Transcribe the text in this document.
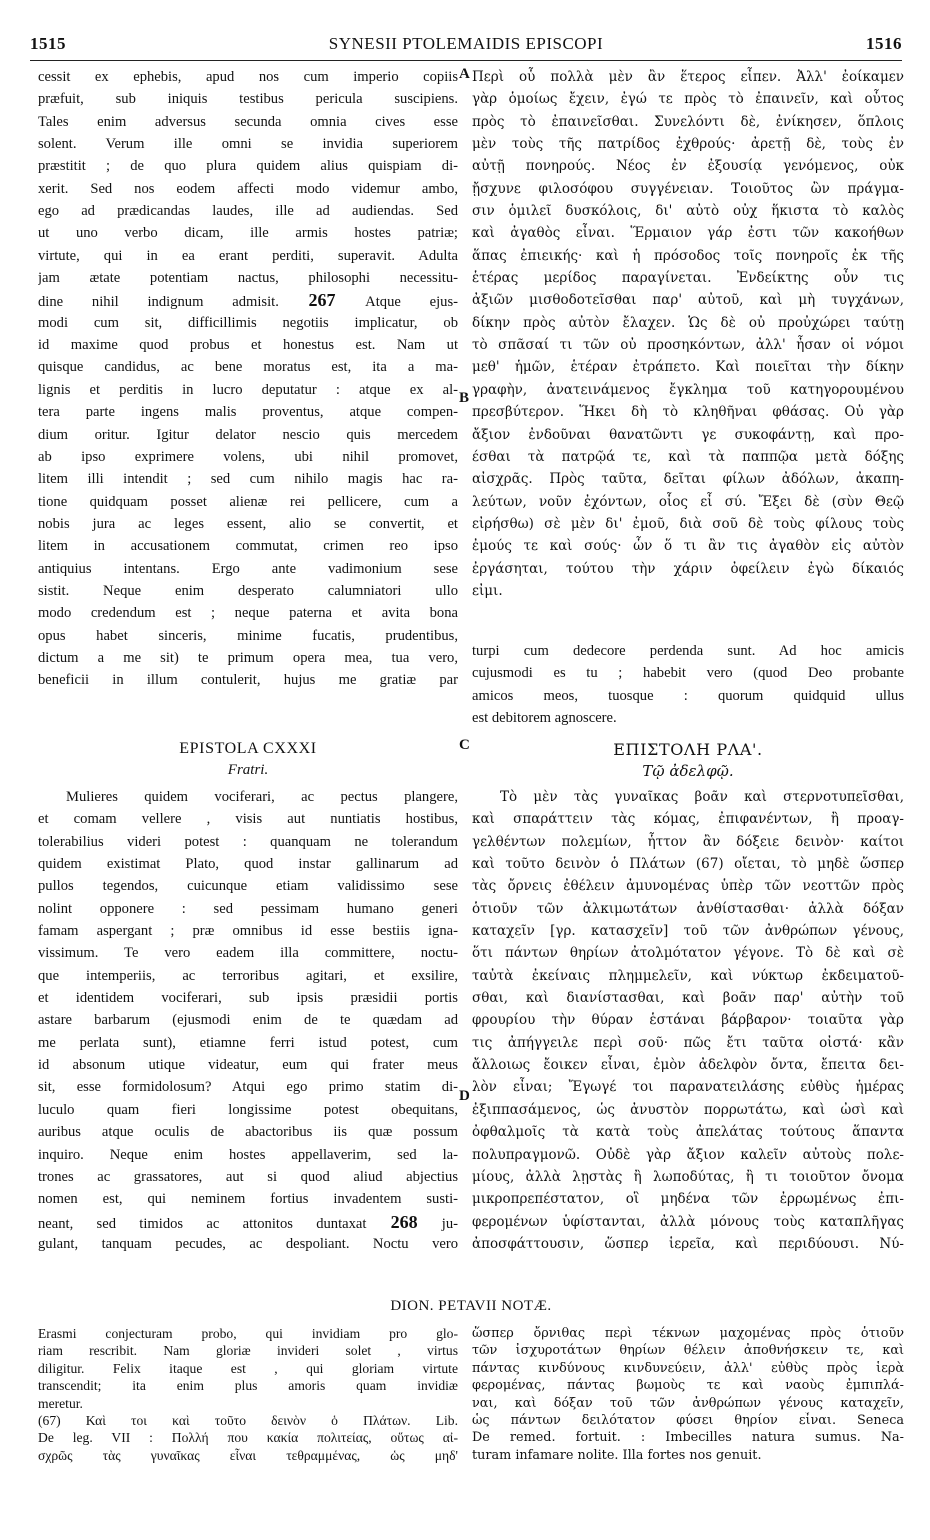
1515	SYNESII PTOLEMAIDIS EPISCOPI	1516
A
B
C
D
cessit ex ephebis, apud nos cum imperio copiis
præfuit, sub iniquis testibus pericula suscipiens.
Tales enim adversus secunda omnia cives esse
solent. Verum ille omni se invidia superiorem
præstitit ; de quo plura quidem alius quispiam di-
xerit. Sed nos eodem affecti modo videmur ambo,
ego ad prædicandas laudes, ille ad audiendas. Sed
ut uno verbo dicam, ille armis hostes patriæ;
virtute, qui in ea erant perditi, superavit. Adulta
jam ætate potentiam nactus, philosophi necessitu-
dine nihil indignum admisit. 267 Atque ejus-
modi cum sit, difficillimis negotiis implicatur, ob
id maxime quod probus et honestus est. Nam ut
quisque candidus, ac bene moratus est, ita a ma-
lignis et perditis in lucro deputatur : atque ex al-
tera parte ingens malis proventus, atque compen-
dium oritur. Igitur delator nescio quis mercedem
ab ipso exprimere volens, ubi nihil promovet,
litem illi intendit ; sed cum nihilo magis hac ra-
tione quidquam posset alienæ rei pellicere, cum a
nobis jura ac leges essent, alio se convertit, et
litem in accusationem commutat, crimen reo ipso
antiquius intentans. Ergo ante vadimonium sese
sistit. Neque enim desperato calumniatori ullo
modo credendum est ; neque paterna et avita bona
opus habet sinceris, minime fucatis, prudentibus,
dictum a me sit) te primum opera mea, tua vero,
beneficii in illum contulerit, hujus me gratiæ par
Περὶ οὗ πολλὰ μὲν ἂν ἕτερος εἶπεν. Ἀλλ' ἐοίκαμεν
γὰρ ὁμοίως ἔχειν, ἐγώ τε πρὸς τὸ ἐπαινεῖν, καὶ οὗτος
πρὸς τὸ ἐπαινεῖσθαι. Συνελόντι δὲ, ἐνίκησεν, ὅπλοις
μὲν τοὺς τῆς πατρίδος ἐχθρούς· ἀρετῇ δὲ, τοὺς ἐν
αὐτῇ πονηρούς. Νέος ἐν ἐξουσίᾳ γενόμενος, οὐκ
ᾔσχυνε φιλοσόφου συγγένειαν. Τοιοῦτος ὢν πράγμα-
σιν ὁμιλεῖ δυσκόλοις, δι' αὐτὸ οὐχ ἥκιστα τὸ καλὸς
καὶ ἀγαθὸς εἶναι. Ἕρμαιον γάρ ἐστι τῶν κακοήθων
ἅπας ἐπιεικής· καὶ ἡ πρόσοδος τοῖς πονηροῖς ἐκ τῆς
ἑτέρας μερίδος παραγίνεται. Ἐνδείκτης οὖν τις
ἀξιῶν μισθοδοτεῖσθαι παρ' αὐτοῦ, καὶ μὴ τυγχάνων,
δίκην πρὸς αὐτὸν ἔλαχεν. Ὡς δὲ οὐ προὐχώρει ταύτῃ
τὸ σπᾶσαί τι τῶν οὐ προσηκόντων, ἀλλ' ἦσαν οἱ νόμοι
μεθ' ἡμῶν, ἑτέραν ἐτράπετο. Καὶ ποιεῖται τὴν δίκην
γραφὴν, ἀνατεινάμενος ἔγκλημα τοῦ κατηγορουμένου
πρεσβύτερον. Ἥκει δὴ τὸ κληθῆναι φθάσας. Οὐ γὰρ
ἄξιον ἐνδοῦναι θανατῶντι γε συκοφάντῃ, καὶ προ-
έσθαι τὰ πατρῷά τε, καὶ τὰ παππῷα μετὰ δόξης
αἰσχρᾶς. Πρὸς ταῦτα, δεῖται φίλων ἀδόλων, ἀκαπη-
λεύτων, νοῦν ἐχόντων, οἷος εἶ σύ. Ἔξει δὲ (σὺν Θεῷ
εἰρήσθω) σὲ μὲν δι' ἐμοῦ, διὰ σοῦ δὲ τοὺς φίλους τοὺς
ἐμούς τε καὶ σούς· ὧν ὅ τι ἂν τις ἀγαθὸν εἰς αὐτὸν
ἐργάσηται, τούτου τὴν χάριν ὀφείλειν ἐγὼ δίκαιός
εἰμι.
turpi cum dedecore perdenda sunt. Ad hoc amicis
cujusmodi es tu ; habebit vero (quod Deo probante
amicos meos, tuosque : quorum quidquid ullus
est debitorem agnoscere.
EPISTOLA CXXXI
Fratri.
ΕΠΙΣΤΟΛΗ ΡΛΑ'.
Τῷ ἀδελφῷ.
Mulieres quidem vociferari, ac pectus plangere,
et comam vellere , visis aut nuntiatis hostibus,
tolerabilius videri potest : quanquam ne tolerandum
quidem existimat Plato, quod instar gallinarum ad
pullos tegendos, cuicunque etiam validissimo sese
nolint opponere : sed pessimam humano generi
famam aspergant ; præ omnibus id esse bestiis igna-
vissimum. Te vero eadem illa committere, noctu-
que intemperiis, ac terroribus agitari, et exsilire,
et identidem vociferari, sub ipsis præsidii portis
astare barbarum (ejusmodi enim de te quædam ad
me perlata sunt), etiamne ferri istud potest, cum
id absonum utique videatur, eum qui frater meus
sit, esse formidolosum? Atqui ego primo statim di-
luculo quam fieri longissime potest obequitans,
auribus atque oculis de abactoribus iis quæ possum
inquiro. Neque enim hostes appellaverim, sed la-
trones ac grassatores, aut si quod aliud abjectius
nomen est, qui neminem fortius invadentem susti-
neant, sed timidos ac attonitos duntaxat 268 ju-
gulant, tanquam pecudes, ac despoliant. Noctu vero
Τὸ μὲν τὰς γυναῖκας βοᾶν καὶ στερνοτυπεῖσθαι,
καὶ σπαράττειν τὰς κόμας, ἐπιφανέντων, ἢ προαγ-
γελθέντων πολεμίων, ἧττον ἂν δόξειε δεινὸν· καίτοι
καὶ τοῦτο δεινὸν ὁ Πλάτων (67) οἴεται, τὸ μηδὲ ὥσπερ
τὰς ὄρνεις ἐθέλειν ἀμυνομένας ὑπὲρ τῶν νεοττῶν πρὸς
ὁτιοῦν τῶν ἀλκιμωτάτων ἀνθίστασθαι· ἀλλὰ δόξαν
καταχεῖν [γρ. κατασχεῖν] τοῦ τῶν ἀνθρώπων γένους,
ὅτι πάντων θηρίων ἀτολμότατον γέγονε. Τὸ δὲ καὶ σὲ
ταὐτὰ ἐκείναις πλημμελεῖν, καὶ νύκτωρ ἐκδειματοῦ-
σθαι, καὶ διανίστασθαι, καὶ βοᾶν παρ' αὐτὴν τοῦ
φρουρίου τὴν θύραν ἑστάναι βάρβαρον· τοιαῦτα γὰρ
τις ἀπήγγειλε περὶ σοῦ· πῶς ἔτι ταῦτα οἰστά· κἂν
ἄλλοιως ἔοικεν εἶναι, ἐμὸν ἀδελφὸν ὄντα, ἔπειτα δει-
λὸν εἶναι; Ἔγωγέ τοι παρανατειλάσης εὐθὺς ἡμέρας
ἐξιππασάμενος, ὡς ἀνυστὸν πορρωτάτω, καὶ ὠσὶ καὶ
ὀφθαλμοῖς τὰ κατὰ τοὺς ἀπελάτας τούτους ἅπαντα
πολυπραγμονῶ. Οὐδὲ γὰρ ἄξιον καλεῖν αὐτοὺς πολε-
μίους, ἀλλὰ λῃστὰς ἢ λωποδύτας, ἢ τι τοιοῦτον ὄνομα
μικροπρεπέστατον, οἳ μηδένα τῶν ἐρρωμένως ἐπι-
φερομένων ὑφίστανται, ἀλλὰ μόνους τοὺς καταπλῆγας
ἀποσφάττουσιν, ὥσπερ ἱερεῖα, καὶ περιδύουσι. Νύ-
DION. PETAVII NOTÆ.
Erasmi conjecturam probo, qui invidiam pro glo-
riam rescribit. Nam gloriæ invideri solet , virtus
diligitur. Felix itaque est , qui gloriam virtute
transcendit; ita enim plus amoris quam invidiæ
meretur.
(67) Καὶ τοι καὶ τοῦτο δεινὸν ὁ Πλάτων. Lib.
De leg. VII : Πολλή που κακία πολιτείας, οὕτως αἰ-
σχρῶς τὰς γυναῖκας εἶναι τεθραμμένας, ὡς μηδ'
ὥσπερ ὄρνιθας περὶ τέκνων μαχομένας πρὸς ὁτιοῦν
τῶν ἰσχυροτάτων θηρίων θέλειν ἀποθνήσκειν τε, καὶ
πάντας κινδύνους κινδυνεύειν, ἀλλ' εὐθὺς πρὸς ἱερὰ
φερομένας, πάντας βωμοὺς τε καὶ ναοὺς ἐμπιπλά-
ναι, καὶ δόξαν τοῦ τῶν ἀνθρώπων γένους καταχεῖν,
ὡς πάντων δειλότατον φύσει θηρίον εἶναι. Seneca
De remed. fortuit. : Imbecilles natura sumus. Na-
turam infamare nolite. Illa fortes nos genuit.
